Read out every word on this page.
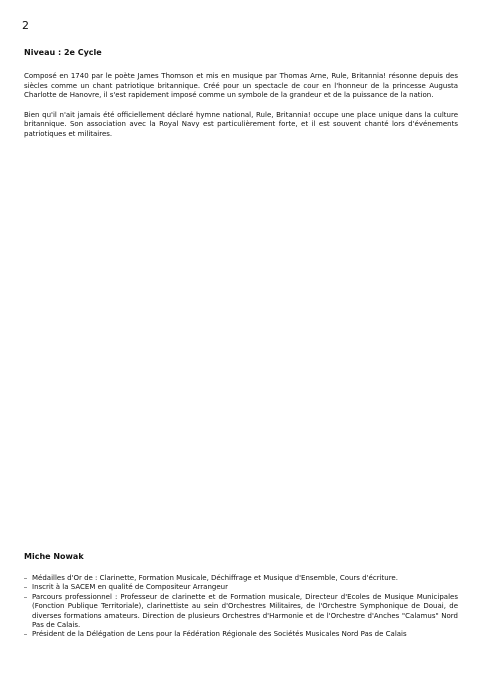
2
Niveau : 2e Cycle

Composé en 1740 par le poète James Thomson et mis en musique par Thomas Arne, Rule, Britannia! résonne depuis des siècles comme un chant patriotique britannique. Créé pour un spectacle de cour en l'honneur de la princesse Augusta Charlotte de Hanovre, il s'est rapidement imposé comme un symbole de la grandeur et de la puissance de la nation.

Bien qu'il n'ait jamais été officiellement déclaré hymne national, Rule, Britannia! occupe une place unique dans la culture britannique. Son association avec la Royal Navy est particulièrement forte, et il est souvent chanté lors d'événements patriotiques et militaires.

Miche Nowak
Médailles d'Or de : Clarinette, Formation Musicale, Déchiffrage et Musique d'Ensemble, Cours d'écriture.
Inscrit à la SACEM en qualité de Compositeur Arrangeur
Parcours professionnel : Professeur de clarinette et de Formation musicale, Directeur d'Ecoles de Musique Municipales (Fonction Publique Territoriale), clarinettiste au sein d'Orchestres Militaires, de l'Orchestre Symphonique de Douai, de diverses formations amateurs. Direction de plusieurs Orchestres d'Harmonie et de l'Orchestre d'Anches "Calamus" Nord Pas de Calais.
Président de la Délégation de Lens pour la Fédération Régionale des Sociétés Musicales Nord Pas de Calais
